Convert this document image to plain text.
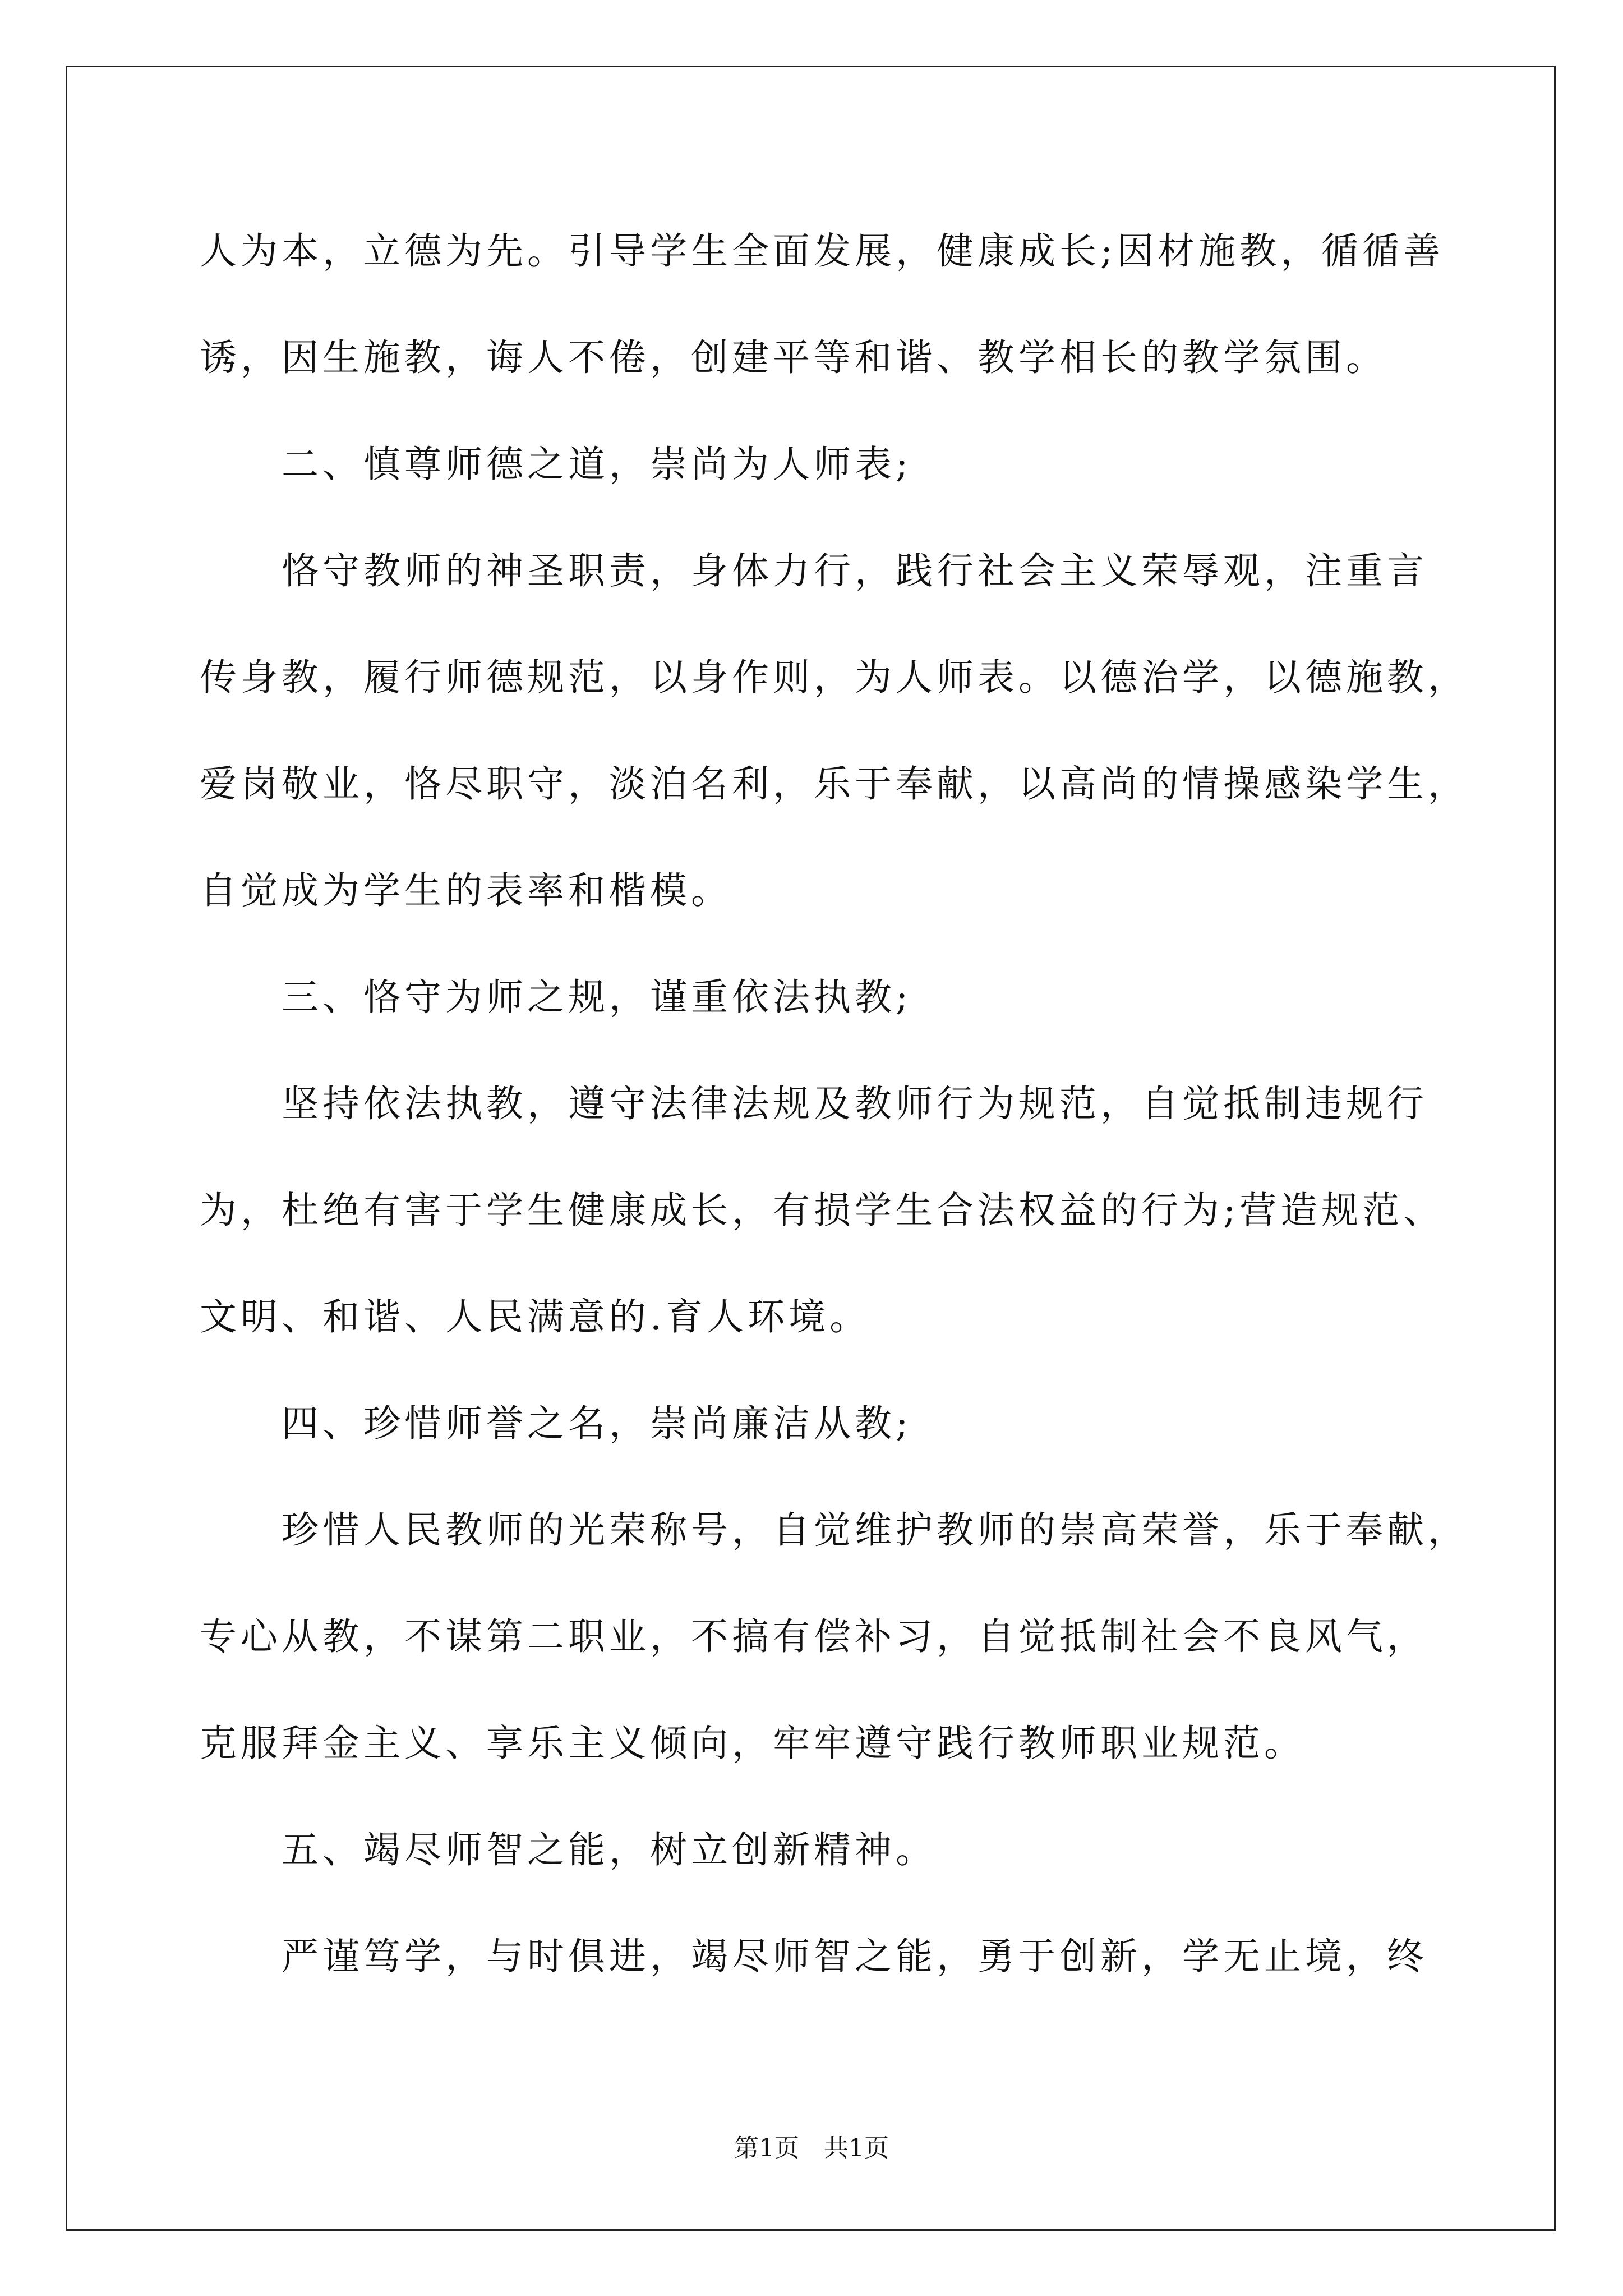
人为本，立德为先。引导学生全面发展，健康成长;因材施教，循循善
诱，因生施教，诲人不倦，创建平等和谐、教学相长的教学氛围。
二、慎尊师德之道，崇尚为人师表;
恪守教师的神圣职责，身体力行，践行社会主义荣辱观，注重言
传身教，履行师德规范，以身作则，为人师表。以德治学，以德施教，
爱岗敬业，恪尽职守，淡泊名利，乐于奉献，以高尚的情操感染学生，
自觉成为学生的表率和楷模。
三、恪守为师之规，谨重依法执教;
坚持依法执教，遵守法律法规及教师行为规范，自觉抵制违规行
为，杜绝有害于学生健康成长，有损学生合法权益的行为;营造规范、
文明、和谐、人民满意的.育人环境。
四、珍惜师誉之名，崇尚廉洁从教;
珍惜人民教师的光荣称号，自觉维护教师的崇高荣誉，乐于奉献，
专心从教，不谋第二职业，不搞有偿补习，自觉抵制社会不良风气，
克服拜金主义、享乐主义倾向，牢牢遵守践行教师职业规范。
五、竭尽师智之能，树立创新精神。
严谨笃学，与时俱进，竭尽师智之能，勇于创新，学无止境，终
第1页　共1页
